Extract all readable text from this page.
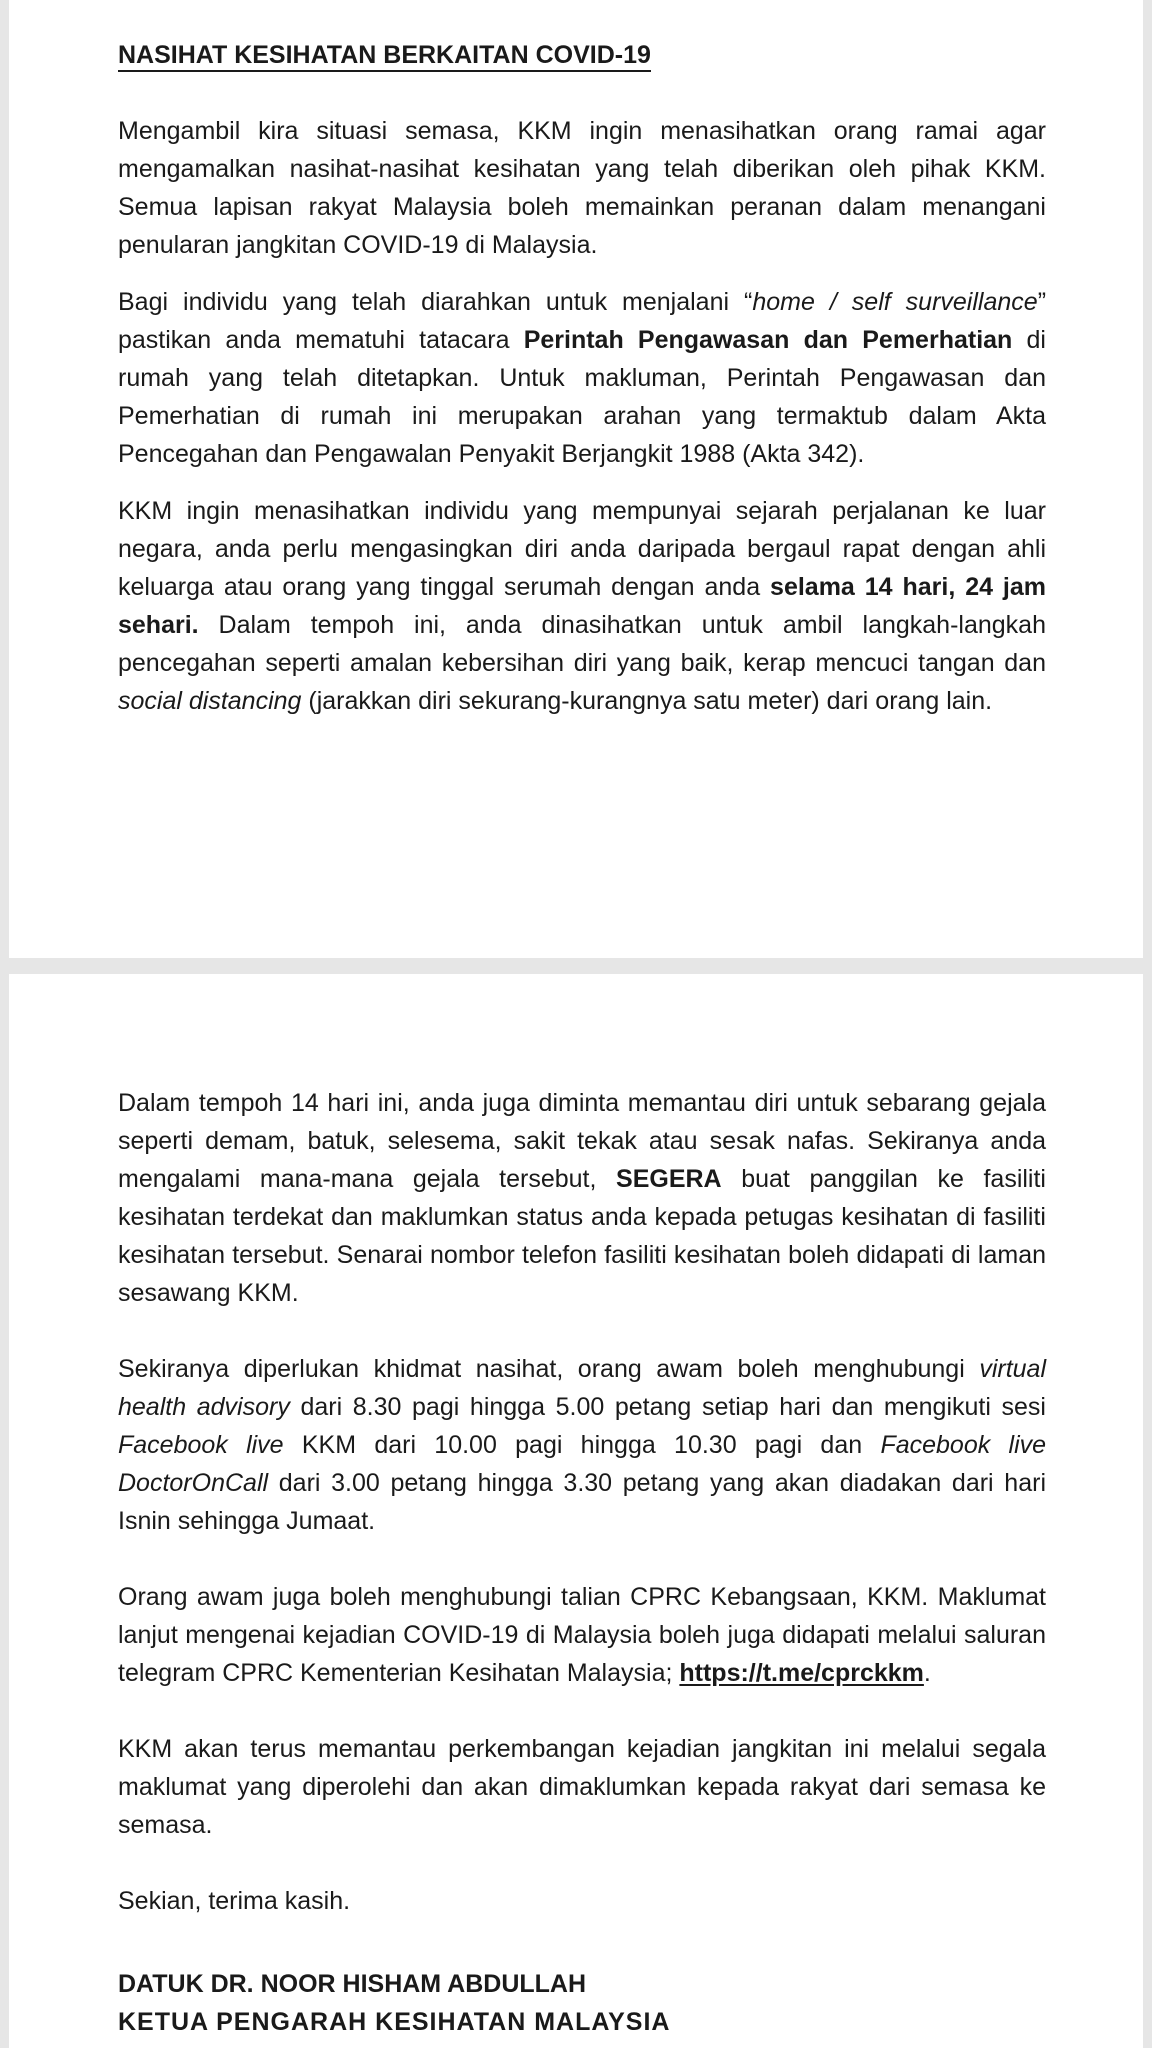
NASIHAT KESIHATAN BERKAITAN COVID-19

Mengambil kira situasi semasa, KKM ingin menasihatkan orang ramai agar mengamalkan nasihat-nasihat kesihatan yang telah diberikan oleh pihak KKM. Semua lapisan rakyat Malaysia boleh memainkan peranan dalam menangani penularan jangkitan COVID-19 di Malaysia.

Bagi individu yang telah diarahkan untuk menjalani “home / self surveillance” pastikan anda mematuhi tatacara Perintah Pengawasan dan Pemerhatian di rumah yang telah ditetapkan. Untuk makluman, Perintah Pengawasan dan Pemerhatian di rumah ini merupakan arahan yang termaktub dalam Akta Pencegahan dan Pengawalan Penyakit Berjangkit 1988 (Akta 342).

KKM ingin menasihatkan individu yang mempunyai sejarah perjalanan ke luar negara, anda perlu mengasingkan diri anda daripada bergaul rapat dengan ahli keluarga atau orang yang tinggal serumah dengan anda selama 14 hari, 24 jam sehari. Dalam tempoh ini, anda dinasihatkan untuk ambil langkah-langkah pencegahan seperti amalan kebersihan diri yang baik, kerap mencuci tangan dan social distancing (jarakkan diri sekurang-kurangnya satu meter) dari orang lain.

Dalam tempoh 14 hari ini, anda juga diminta memantau diri untuk sebarang gejala seperti demam, batuk, selesema, sakit tekak atau sesak nafas. Sekiranya anda mengalami mana-mana gejala tersebut, SEGERA buat panggilan ke fasiliti kesihatan terdekat dan maklumkan status anda kepada petugas kesihatan di fasiliti kesihatan tersebut. Senarai nombor telefon fasiliti kesihatan boleh didapati di laman sesawang KKM.

Sekiranya diperlukan khidmat nasihat, orang awam boleh menghubungi virtual health advisory dari 8.30 pagi hingga 5.00 petang setiap hari dan mengikuti sesi Facebook live KKM dari 10.00 pagi hingga 10.30 pagi dan Facebook live DoctorOnCall dari 3.00 petang hingga 3.30 petang yang akan diadakan dari hari Isnin sehingga Jumaat.

Orang awam juga boleh menghubungi talian CPRC Kebangsaan, KKM. Maklumat lanjut mengenai kejadian COVID-19 di Malaysia boleh juga didapati melalui saluran telegram CPRC Kementerian Kesihatan Malaysia; https://t.me/cprckkm.

KKM akan terus memantau perkembangan kejadian jangkitan ini melalui segala maklumat yang diperolehi dan akan dimaklumkan kepada rakyat dari semasa ke semasa.

Sekian, terima kasih.

DATUK DR. NOOR HISHAM ABDULLAH

KETUA PENGARAH KESIHATAN MALAYSIA
